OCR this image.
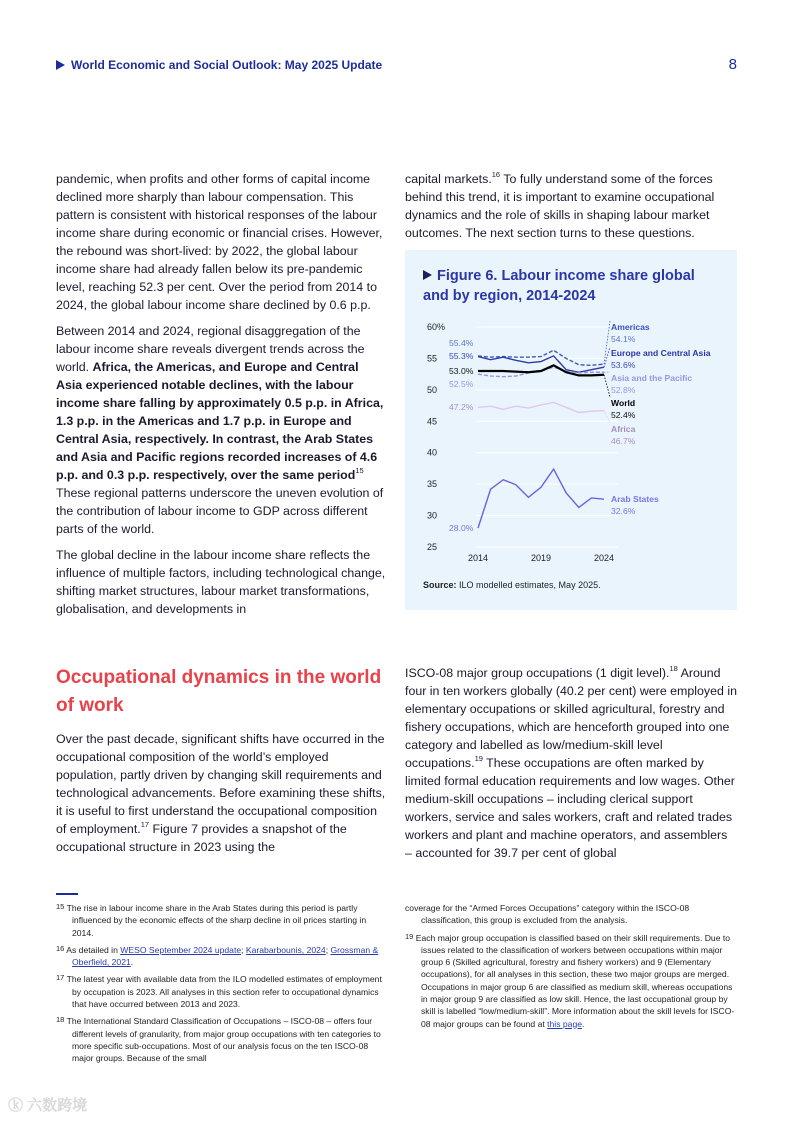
World Economic and Social Outlook: May 2025 Update	8

pandemic, when profits and other forms of capital income declined more sharply than labour compensation. This pattern is consistent with historical responses of the labour income share during economic or financial crises. However, the rebound was short-lived: by 2022, the global labour income share had already fallen below its pre-pandemic level, reaching 52.3 per cent. Over the period from 2014 to 2024, the global labour income share declined by 0.6 p.p.

Between 2014 and 2024, regional disaggregation of the labour income share reveals divergent trends across the world. Africa, the Americas, and Europe and Central Asia experienced notable declines, with the labour income share falling by approximately 0.5 p.p. in Africa, 1.3 p.p. in the Americas and 1.7 p.p. in Europe and Central Asia, respectively. In contrast, the Arab States and Asia and Pacific regions recorded increases of 4.6 p.p. and 0.3 p.p. respectively, over the same period$^{15}$ These regional patterns underscore the uneven evolution of the contribution of labour income to GDP across different parts of the world.

The global decline in the labour income share reflects the influence of multiple factors, including technological change, shifting market structures, labour market transformations, globalisation, and developments in

capital markets.$^{16}$ To fully understand some of the forces behind this trend, it is important to examine occupational dynamics and the role of skills in shaping labour market outcomes. The next section turns to these questions.

Figure 6. Labour income share global and by region, 2014-2024
60%
55
50
45
40
35
30
25
2014	2019	2024
Americas
54.1%
55.4%
Europe and Central Asia
53.6%
55.3%
Asia and the Pacific
52.8%
52.5%
World
52.4%
53.0%
Africa
46.7%
47.2%
Arab States
32.6%
28.0%
Source: ILO modelled estimates, May 2025.
Occupational dynamics in the world of work

Over the past decade, significant shifts have occurred in the occupational composition of the world’s employed population, partly driven by changing skill requirements and technological advancements. Before examining these shifts, it is useful to first understand the occupational composition of employment.$^{17}$ Figure 7 provides a snapshot of the occupational structure in 2023 using the

ISCO-08 major group occupations (1 digit level).$^{18}$ Around four in ten workers globally (40.2 per cent) were employed in elementary occupations or skilled agricultural, forestry and fishery occupations, which are henceforth grouped into one category and labelled as low/medium-skill level occupations.$^{19}$ These occupations are often marked by limited formal education requirements and low wages. Other medium-skill occupations – including clerical support workers, service and sales workers, craft and related trades workers and plant and machine operators, and assemblers – accounted for 39.7 per cent of global

$^{15}$ The rise in labour income share in the Arab States during this period is partly influenced by the economic effects of the sharp decline in oil prices starting in 2014.
$^{16}$ As detailed in WESO September 2024 update; Karabarbounis, 2024; Grossman & Oberfield, 2021.
$^{17}$ The latest year with available data from the ILO modelled estimates of employment by occupation is 2023. All analyses in this section refer to occupational dynamics that have occurred between 2013 and 2023.
$^{18}$ The International Standard Classification of Occupations – ISCO-08 – offers four different levels of granularity, from major group occupations with ten categories to more specific sub-occupations. Most of our analysis focus on the ten ISCO-08 major groups. Because of the small
coverage for the “Armed Forces Occupations” category within the ISCO-08 classification, this group is excluded from the analysis.
$^{19}$ Each major group occupation is classified based on their skill requirements. Due to issues related to the classification of workers between occupations within major group 6 (Skilled agricultural, forestry and fishery workers) and 9 (Elementary occupations), for all analyses in this section, these two major groups are merged. Occupations in major group 6 are classified as medium skill, whereas occupations in major group 9 are classified as low skill. Hence, the last occupational group by skill is labelled “low/medium-skill”. More information about the skill levels for ISCO-08 major groups can be found at this page.
ⓚ 六数跨境
